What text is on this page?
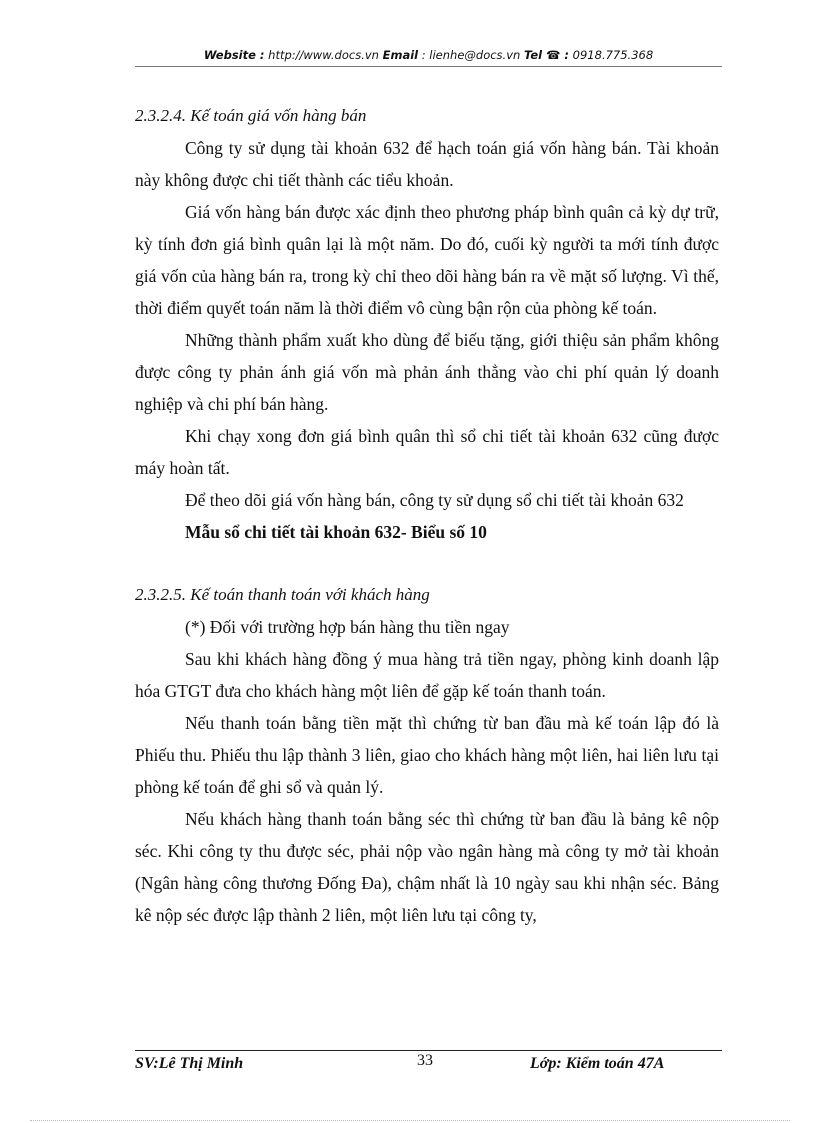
Website : http://www.docs.vn Email : lienhe@docs.vn Tel ☎ : 0918.775.368

2.3.2.4. Kế toán giá vốn hàng bán

Công ty sử dụng tài khoản 632 để hạch toán giá vốn hàng bán. Tài khoản này không được chi tiết thành các tiểu khoản.

Giá vốn hàng bán được xác định theo phương pháp bình quân cả kỳ dự trữ, kỳ tính đơn giá bình quân lại là một năm. Do đó, cuối kỳ người ta mới tính được giá vốn của hàng bán ra, trong kỳ chỉ theo dõi hàng bán ra về mặt số lượng. Vì thế, thời điểm quyết toán năm là thời điểm vô cùng bận rộn của phòng kế toán.

Những thành phẩm xuất kho dùng để biếu tặng, giới thiệu sản phẩm không được công ty phản ánh giá vốn mà phản ánh thẳng vào chi phí quản lý doanh nghiệp và chi phí bán hàng.

Khi chạy xong đơn giá bình quân thì sổ chi tiết tài khoản 632 cũng được máy hoàn tất.

Để theo dõi giá vốn hàng bán, công ty sử dụng sổ chi tiết tài khoản 632

Mẫu sổ chi tiết tài khoản 632- Biểu số 10

2.3.2.5. Kế toán thanh toán với khách hàng

(*) Đối với trường hợp bán hàng thu tiền ngay

Sau khi khách hàng đồng ý mua hàng trả tiền ngay, phòng kinh doanh lập hóa GTGT đưa cho khách hàng một liên để gặp kế toán thanh toán.

Nếu thanh toán bằng tiền mặt thì chứng từ ban đầu mà kế toán lập đó là Phiếu thu. Phiếu thu lập thành 3 liên, giao cho khách hàng một liên, hai liên lưu tại phòng kế toán để ghi sổ và quản lý.

Nếu khách hàng thanh toán bằng séc thì chứng từ ban đầu là bảng kê nộp séc. Khi công ty thu được séc, phải nộp vào ngân hàng mà công ty mở tài khoản (Ngân hàng công thương Đống Đa), chậm nhất là 10 ngày sau khi nhận séc. Bảng kê nộp séc được lập thành 2 liên, một liên lưu tại công ty,

SV:Lê Thị Minh	33	Lớp: Kiểm toán 47A
